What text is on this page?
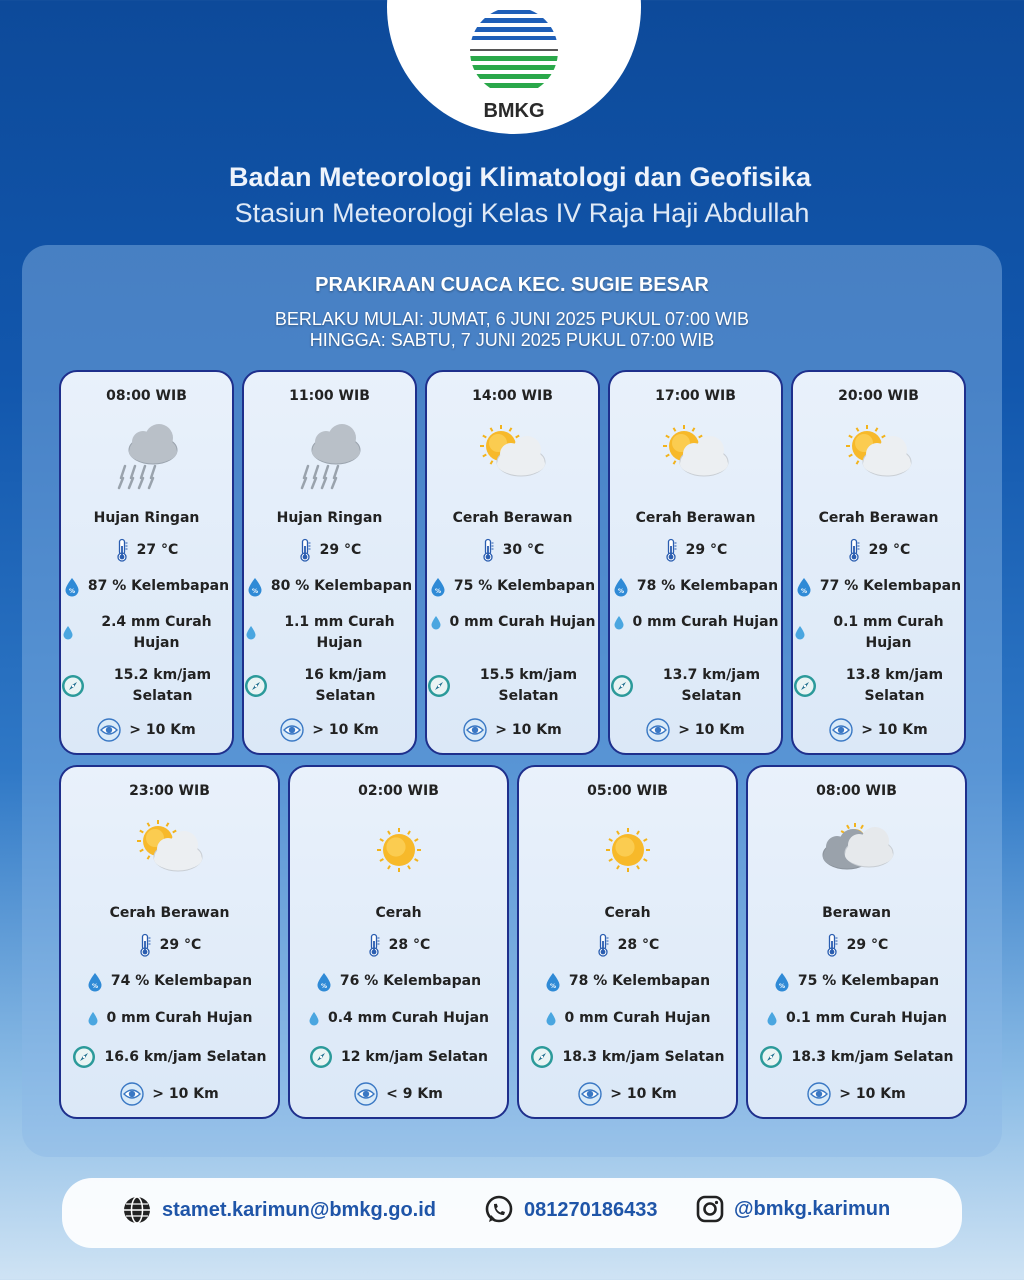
BMKG
Badan Meteorologi Klimatologi dan Geofisika
Stasiun Meteorologi Kelas IV Raja Haji Abdullah
PRAKIRAAN CUACA KEC. SUGIE BESAR
BERLAKU MULAI: JUMAT, 6 JUNI 2025 PUKUL 07:00 WIB
HINGGA: SABTU, 7 JUNI 2025 PUKUL 07:00 WIB
08:00 WIB
Hujan Ringan
27 °C
% 87 % Kelembapan
2.4 mm Curah Hujan
15.2 km/jam Selatan
> 10 Km
11:00 WIB
Hujan Ringan
29 °C
% 80 % Kelembapan
1.1 mm Curah Hujan
16 km/jam Selatan
> 10 Km
14:00 WIB
Cerah Berawan
30 °C
% 75 % Kelembapan
0 mm Curah Hujan
15.5 km/jam Selatan
> 10 Km
17:00 WIB
Cerah Berawan
29 °C
% 78 % Kelembapan
0 mm Curah Hujan
13.7 km/jam Selatan
> 10 Km
20:00 WIB
Cerah Berawan
29 °C
% 77 % Kelembapan
0.1 mm Curah Hujan
13.8 km/jam Selatan
> 10 Km
23:00 WIB
Cerah Berawan
29 °C
% 74 % Kelembapan
0 mm Curah Hujan
16.6 km/jam Selatan
> 10 Km
02:00 WIB
Cerah
28 °C
% 76 % Kelembapan
0.4 mm Curah Hujan
12 km/jam Selatan
< 9 Km
05:00 WIB
Cerah
28 °C
% 78 % Kelembapan
0 mm Curah Hujan
18.3 km/jam Selatan
> 10 Km
08:00 WIB
Berawan
29 °C
% 75 % Kelembapan
0.1 mm Curah Hujan
18.3 km/jam Selatan
> 10 Km
stamet.karimun@bmkg.go.id	081270186433	@bmkg.karimun
